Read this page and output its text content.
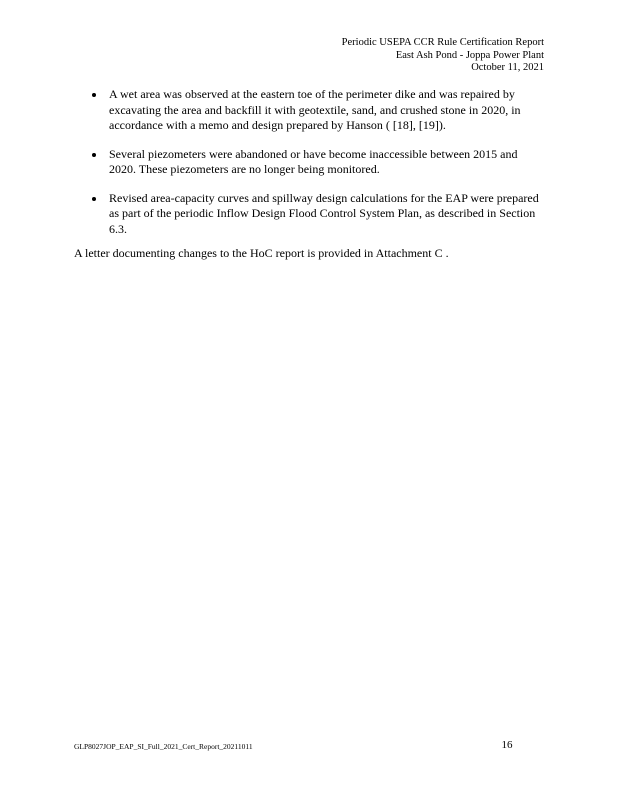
Periodic USEPA CCR Rule Certification Report
East Ash Pond - Joppa Power Plant
October 11, 2021
A wet area was observed at the eastern toe of the perimeter dike and was repaired by excavating the area and backfill it with geotextile, sand, and crushed stone in 2020, in accordance with a memo and design prepared by Hanson ( [18], [19]).
Several piezometers were abandoned or have become inaccessible between 2015 and 2020. These piezometers are no longer being monitored.
Revised area-capacity curves and spillway design calculations for the EAP were prepared as part of the periodic Inflow Design Flood Control System Plan, as described in Section 6.3.
A letter documenting changes to the HoC report is provided in Attachment C .
GLP8027JOP_EAP_SI_Full_2021_Cert_Report_20211011	16
